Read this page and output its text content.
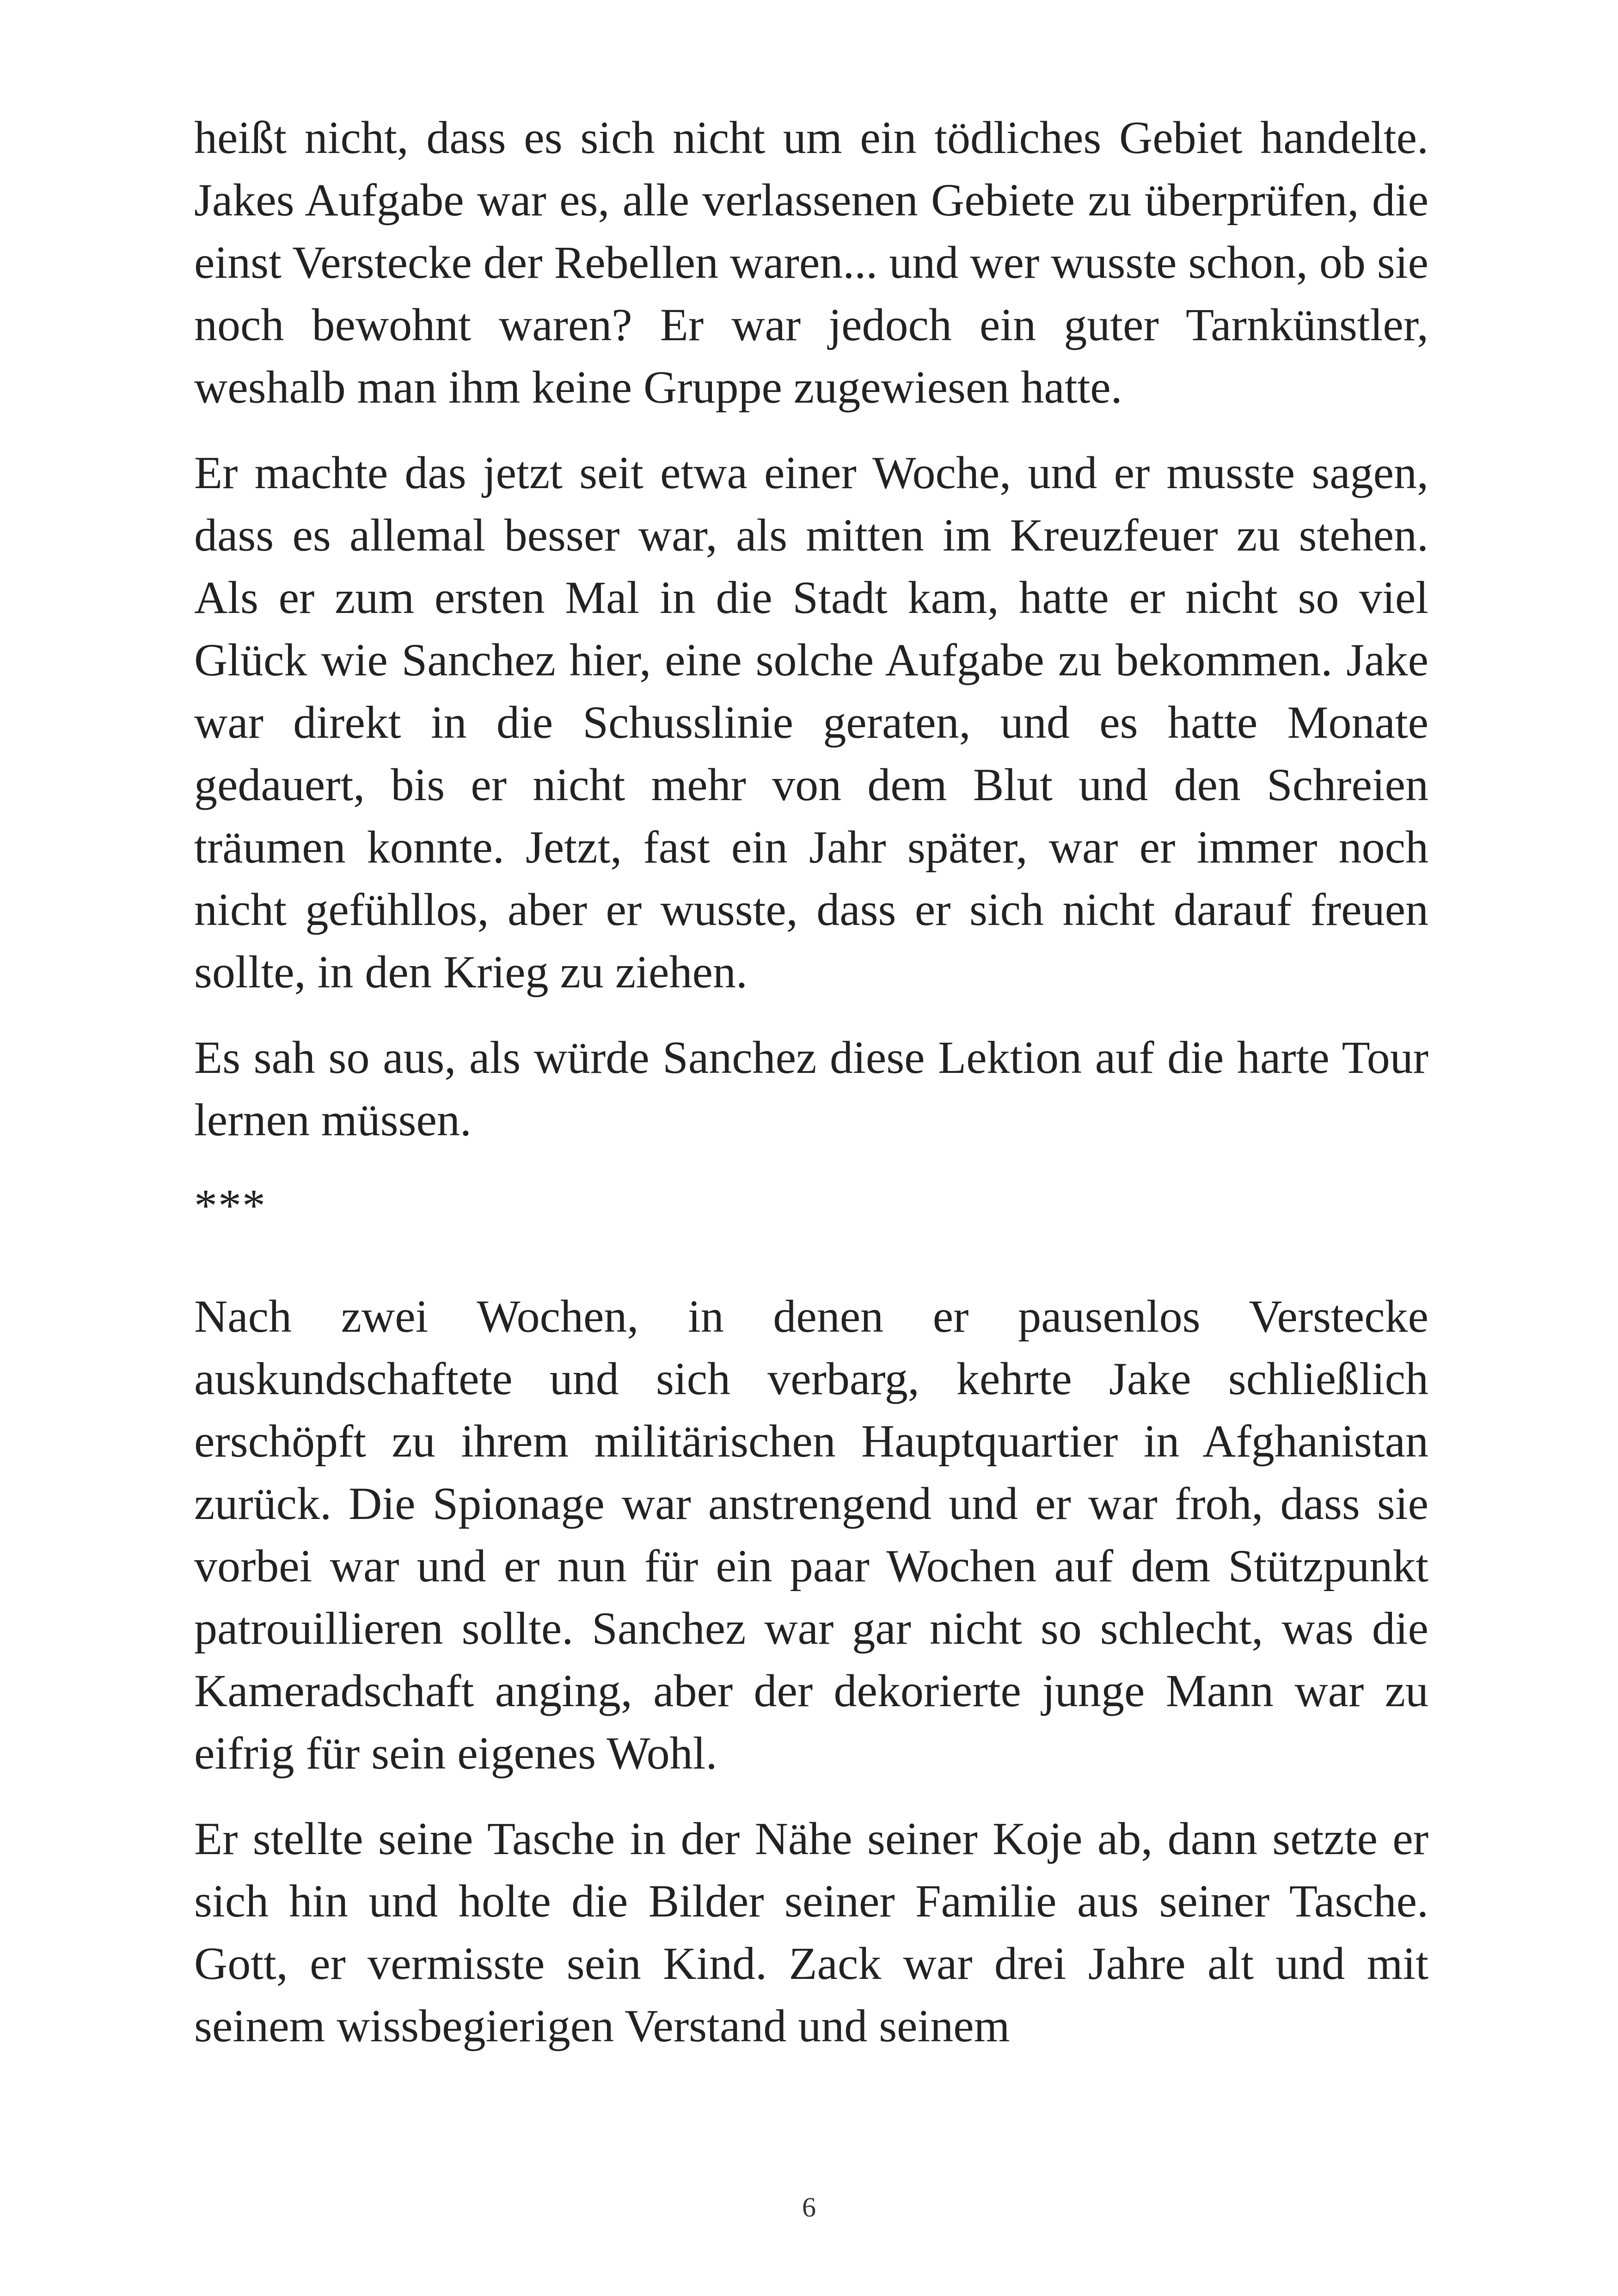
heißt nicht, dass es sich nicht um ein tödliches Gebiet handelte. Jakes Aufgabe war es, alle verlassenen Gebiete zu überprüfen, die einst Verstecke der Rebellen waren... und wer wusste schon, ob sie noch bewohnt waren? Er war jedoch ein guter Tarnkünstler, weshalb man ihm keine Gruppe zugewiesen hatte.

Er machte das jetzt seit etwa einer Woche, und er musste sagen, dass es allemal besser war, als mitten im Kreuzfeuer zu stehen. Als er zum ersten Mal in die Stadt kam, hatte er nicht so viel Glück wie Sanchez hier, eine solche Aufgabe zu bekommen. Jake war direkt in die Schusslinie geraten, und es hatte Monate gedauert, bis er nicht mehr von dem Blut und den Schreien träumen konnte. Jetzt, fast ein Jahr später, war er immer noch nicht gefühllos, aber er wusste, dass er sich nicht darauf freuen sollte, in den Krieg zu ziehen.

Es sah so aus, als würde Sanchez diese Lektion auf die harte Tour lernen müssen.

***

Nach zwei Wochen, in denen er pausenlos Verstecke auskundschaftete und sich verbarg, kehrte Jake schließlich erschöpft zu ihrem militärischen Hauptquartier in Afghanistan zurück. Die Spionage war anstrengend und er war froh, dass sie vorbei war und er nun für ein paar Wochen auf dem Stützpunkt patrouillieren sollte. Sanchez war gar nicht so schlecht, was die Kameradschaft anging, aber der dekorierte junge Mann war zu eifrig für sein eigenes Wohl.

Er stellte seine Tasche in der Nähe seiner Koje ab, dann setzte er sich hin und holte die Bilder seiner Familie aus seiner Tasche. Gott, er vermisste sein Kind. Zack war drei Jahre alt und mit seinem wissbegierigen Verstand und seinem

6
